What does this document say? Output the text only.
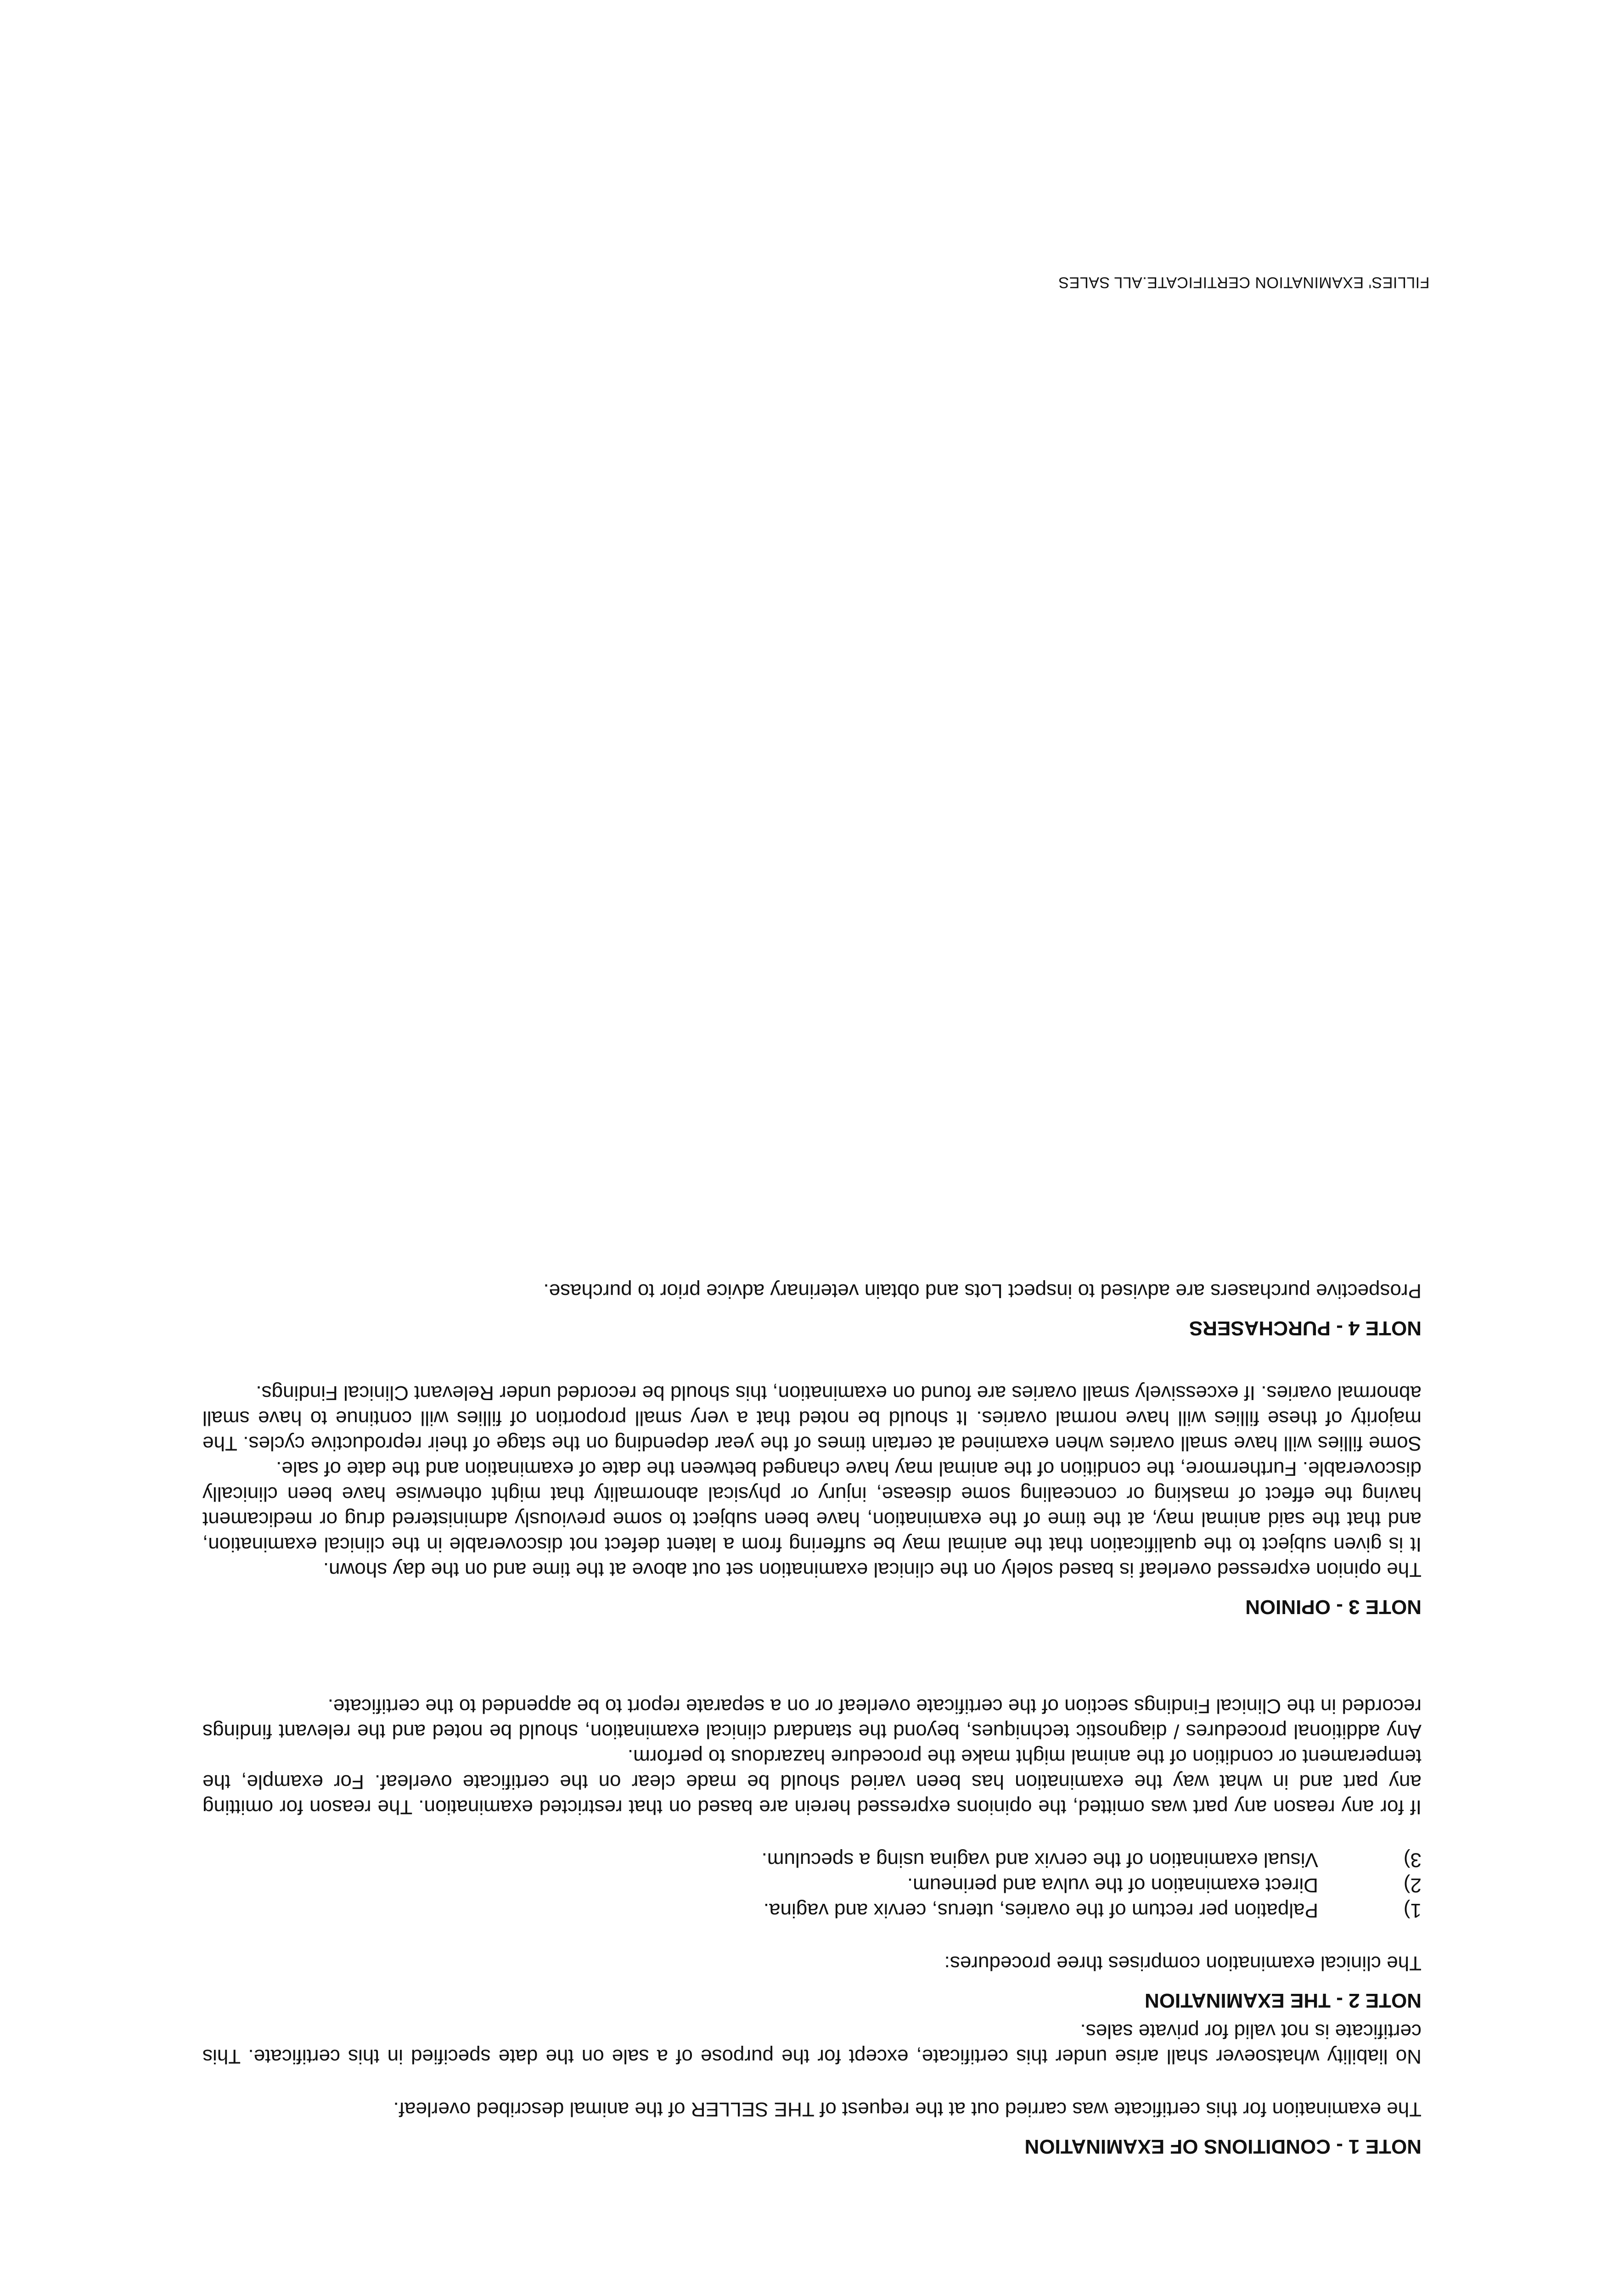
NOTE 1 - CONDITIONS OF EXAMINATION

The examination for this certificate was carried out at the request of THE SELLER of the animal described overleaf.
No liability whatsoever shall arise under this certificate, except for the purpose of a sale on the date specified in this certificate. This certificate is not valid for private sales.

NOTE 2 - THE EXAMINATION

The clinical examination comprises three procedures:
1)
Palpation per rectum of the ovaries, uterus, cervix and vagina.
2)
Direct examination of the vulva and perineum.
3)
Visual examination of the cervix and vagina using a speculum.
If for any reason any part was omitted, the opinions expressed herein are based on that restricted examination. The reason for omitting any part and in what way the examination has been varied should be made clear on the certificate overleaf. For example, the temperament or condition of the animal might make the procedure hazardous to perform.
Any additional procedures / diagnostic techniques, beyond the standard clinical examination, should be noted and the relevant findings recorded in the Clinical Findings section of the certificate overleaf or on a separate report to be appended to the certificate.

NOTE 3 - OPINION

The opinion expressed overleaf is based solely on the clinical examination set out above at the time and on the day shown.
It is given subject to the qualification that the animal may be suffering from a latent defect not discoverable in the clinical examination, and that the said animal may, at the time of the examination, have been subject to some previously administered drug or medicament having the effect of masking or concealing some disease, injury or physical abnormality that might otherwise have been clinically discoverable. Furthermore, the condition of the animal may have changed between the date of examination and the date of sale.
Some fillies will have small ovaries when examined at certain times of the year depending on the stage of their reproductive cycles. The majority of these fillies will have normal ovaries. It should be noted that a very small proportion of fillies will continue to have small abnormal ovaries. If excessively small ovaries are found on examination, this should be recorded under Relevant Clinical Findings.

NOTE 4 - PURCHASERS

Prospective purchasers are advised to inspect Lots and obtain veterinary advice prior to purchase.
FILLIES' EXAMINATION CERTIFICATE.ALL SALES
